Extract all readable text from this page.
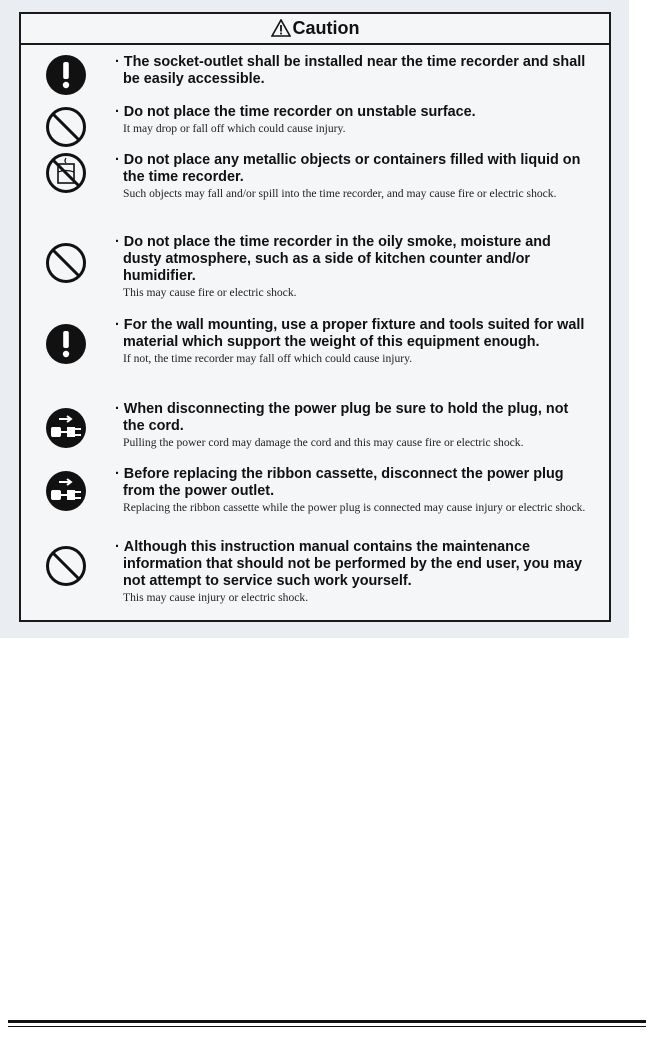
Caution

· The socket-outlet shall be installed near the time recorder and shall be easily accessible.

· Do not place the time recorder on unstable surface.

It may drop or fall off which could cause injury.

· Do not place any metallic objects or containers filled with liquid on the time recorder.

Such objects may fall and/or spill into the time recorder, and may cause fire or electric shock.

· Do not place the time recorder in the oily smoke, moisture and dusty atmosphere, such as a side of kitchen counter and/or humidifier.

This may cause fire or electric shock.

· For the wall mounting, use a proper fixture and tools suited for wall material which support the weight of this equipment enough.

If not, the time recorder may fall off which could cause injury.

· When disconnecting the power plug be sure to hold the plug, not the cord.

Pulling the power cord may damage the cord and this may cause fire or electric shock.

· Before replacing the ribbon cassette, disconnect the power plug from the power outlet.

Replacing the ribbon cassette while the power plug is connected may cause injury or electric shock.

· Although this instruction manual contains the maintenance information that should not be performed by the end user, you may not attempt to service such work yourself.

This may cause injury or electric shock.
